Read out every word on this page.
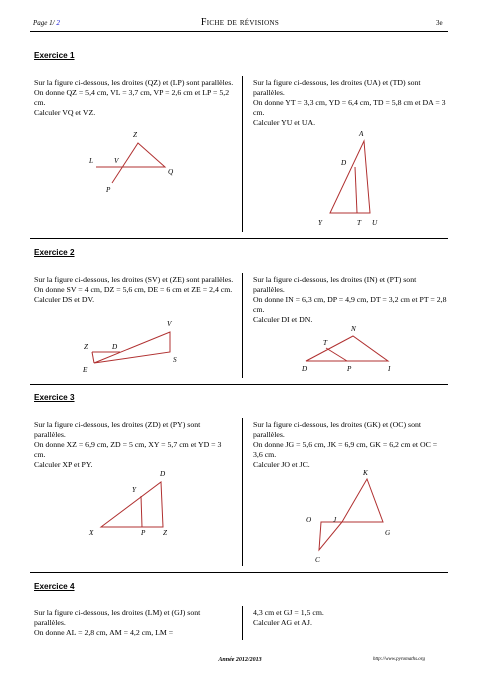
Page 1/ 2	Fiche de révisions	3e
Exercice 1

Sur la figure ci-dessous, les droites (QZ) et (LP) sont parallèles.

On donne QZ = 5,4 cm, VL = 3,7 cm, VP = 2,6 cm et LP = 5,2 cm.

Calculer VQ et VZ.

Sur la figure ci-dessous, les droites (UA) et (TD) sont parallèles.

On donne YT = 3,3 cm, YD = 6,4 cm, TD = 5,8 cm et DA = 3 cm.

Calculer YU et UA.

Z
L	V
P
Q
A
D
Y	T U
Exercice 2

Sur la figure ci-dessous, les droites (SV) et (ZE) sont parallèles.

On donne SV = 4 cm, DZ = 5,6 cm, DE = 6 cm et ZE = 2,4 cm.

Calculer DS et DV.

Sur la figure ci-dessous, les droites (IN) et (PT) sont parallèles.

On donne IN = 6,3 cm, DP = 4,9 cm, DT = 3,2 cm et PT = 2,8 cm.

Calculer DI et DN.

V
Z	D
S
E
N
T
D	P	I
Exercice 3

Sur la figure ci-dessous, les droites (ZD) et (PY) sont parallèles.

On donne XZ = 6,9 cm, ZD = 5 cm, XY = 5,7 cm et YD = 3 cm.

Calculer XP et PY.

Sur la figure ci-dessous, les droites (GK) et (OC) sont parallèles.

On donne JG = 5,6 cm, JK = 6,9 cm, GK = 6,2 cm et OC = 3,6 cm.

Calculer JO et JC.

D
Y
X	P Z
K
O	J
G
C
Exercice 4

Sur la figure ci-dessous, les droites (LM) et (GJ) sont parallèles.

On donne AL = 2,8 cm, AM = 4,2 cm, LM =

4,3 cm et GJ = 1,5 cm.

Calculer AG et AJ.

Année 2012/2013	http://www.pyromaths.org
